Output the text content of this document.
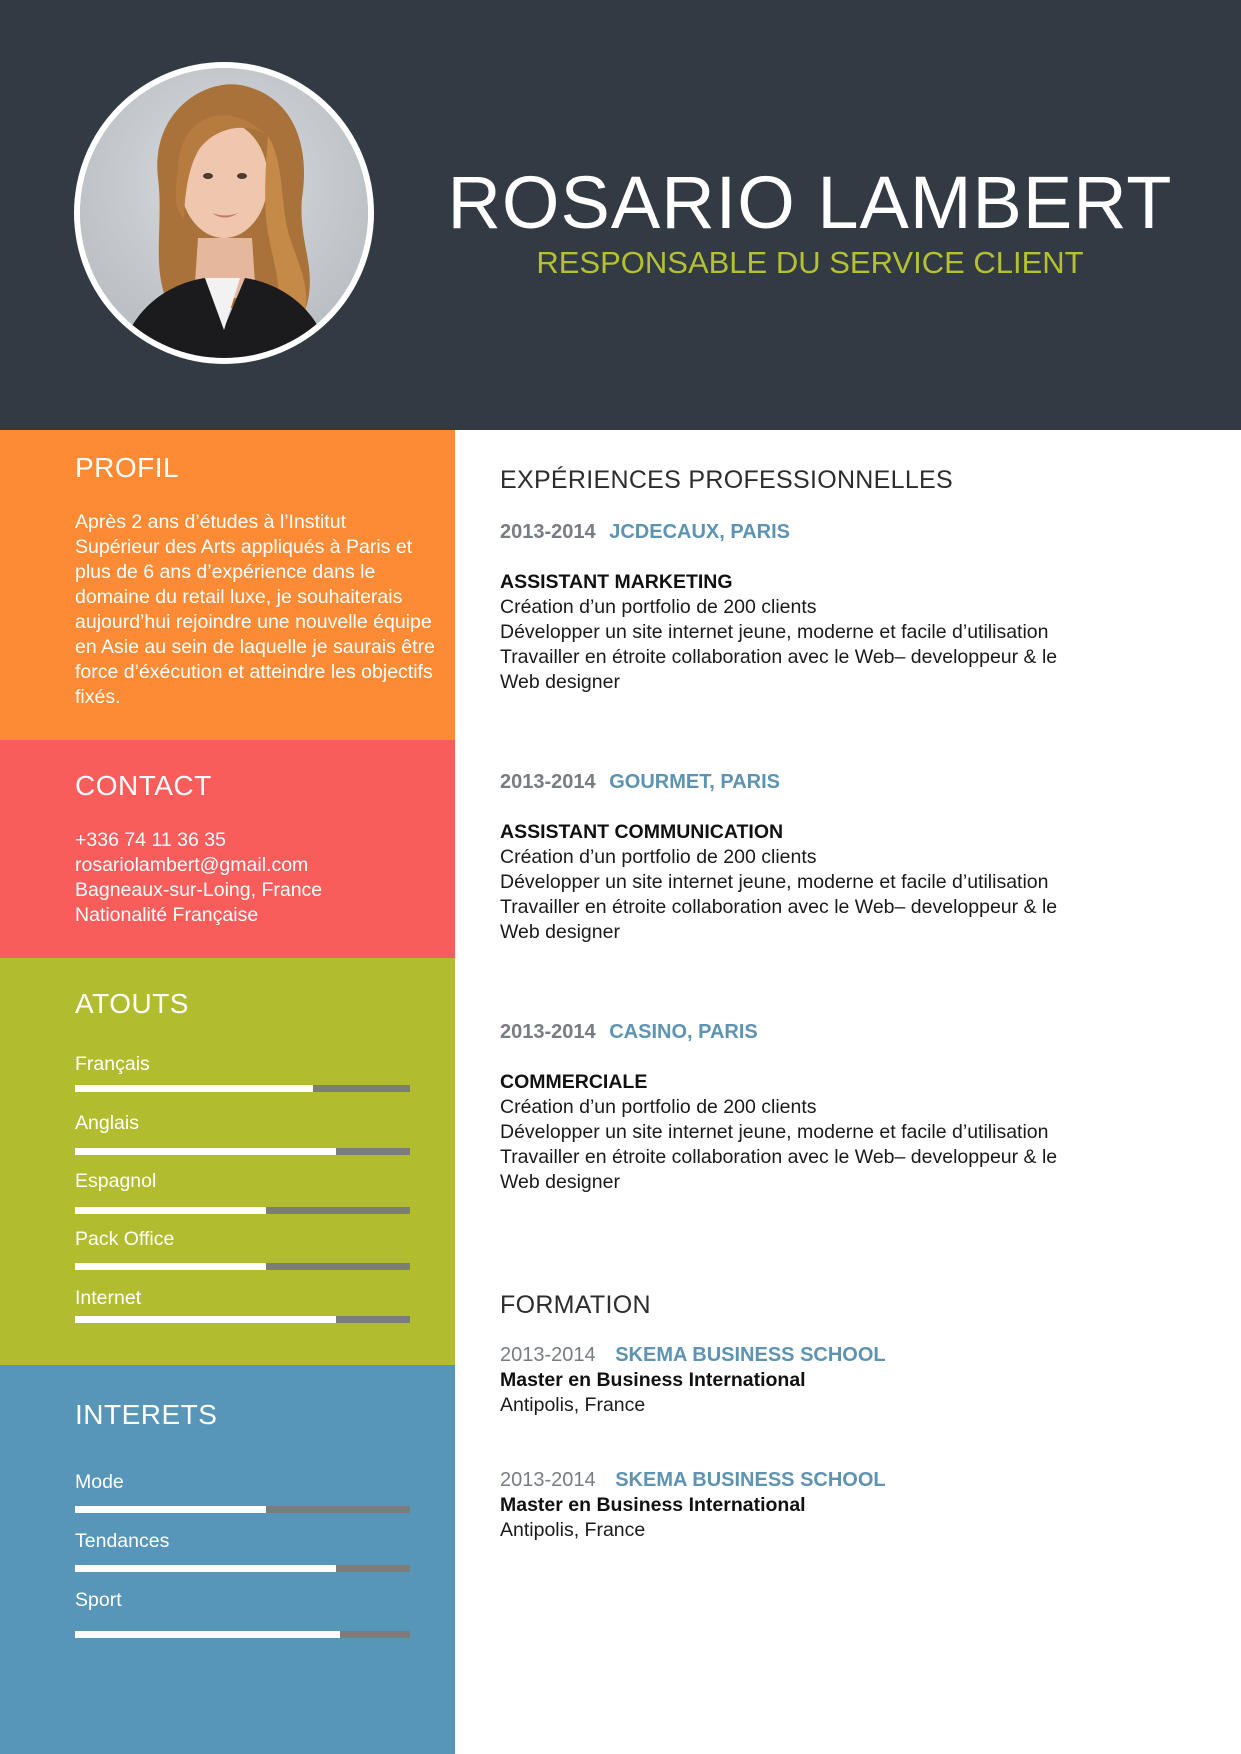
ROSARIO LAMBERT
RESPONSABLE DU SERVICE CLIENT
PROFIL
Après 2 ans d’études à l’Institut Supérieur des Arts appliqués à Paris et plus de 6 ans d’expérience dans le domaine du retail luxe, je souhaiterais aujourd’hui rejoindre une nouvelle équipe en Asie au sein de laquelle je saurais être force d’éxécution et atteindre les objectifs fixés.
CONTACT
+336 74 11 36 35
rosariolambert@gmail.com
Bagneaux-sur-Loing, France
Nationalité Française
ATOUTS
Français
Anglais
Espagnol
Pack Office
Internet
INTERETS
Mode
Tendances
Sport
EXPÉRIENCES PROFESSIONNELLES
2013-2014 JCDECAUX, PARIS
ASSISTANT MARKETING
Création d’un portfolio de 200 clients
Développer un site internet jeune, moderne et facile d’utilisation
Travailler en étroite collaboration avec le Web– developpeur & le Web designer
2013-2014 GOURMET, PARIS
ASSISTANT COMMUNICATION
Création d’un portfolio de 200 clients
Développer un site internet jeune, moderne et facile d’utilisation
Travailler en étroite collaboration avec le Web– developpeur & le Web designer
2013-2014 CASINO, PARIS
COMMERCIALE
Création d’un portfolio de 200 clients
Développer un site internet jeune, moderne et facile d’utilisation
Travailler en étroite collaboration avec le Web– developpeur & le Web designer
FORMATION
2013-2014 SKEMA BUSINESS SCHOOL
Master en Business International
Antipolis, France
2013-2014 SKEMA BUSINESS SCHOOL
Master en Business International
Antipolis, France
